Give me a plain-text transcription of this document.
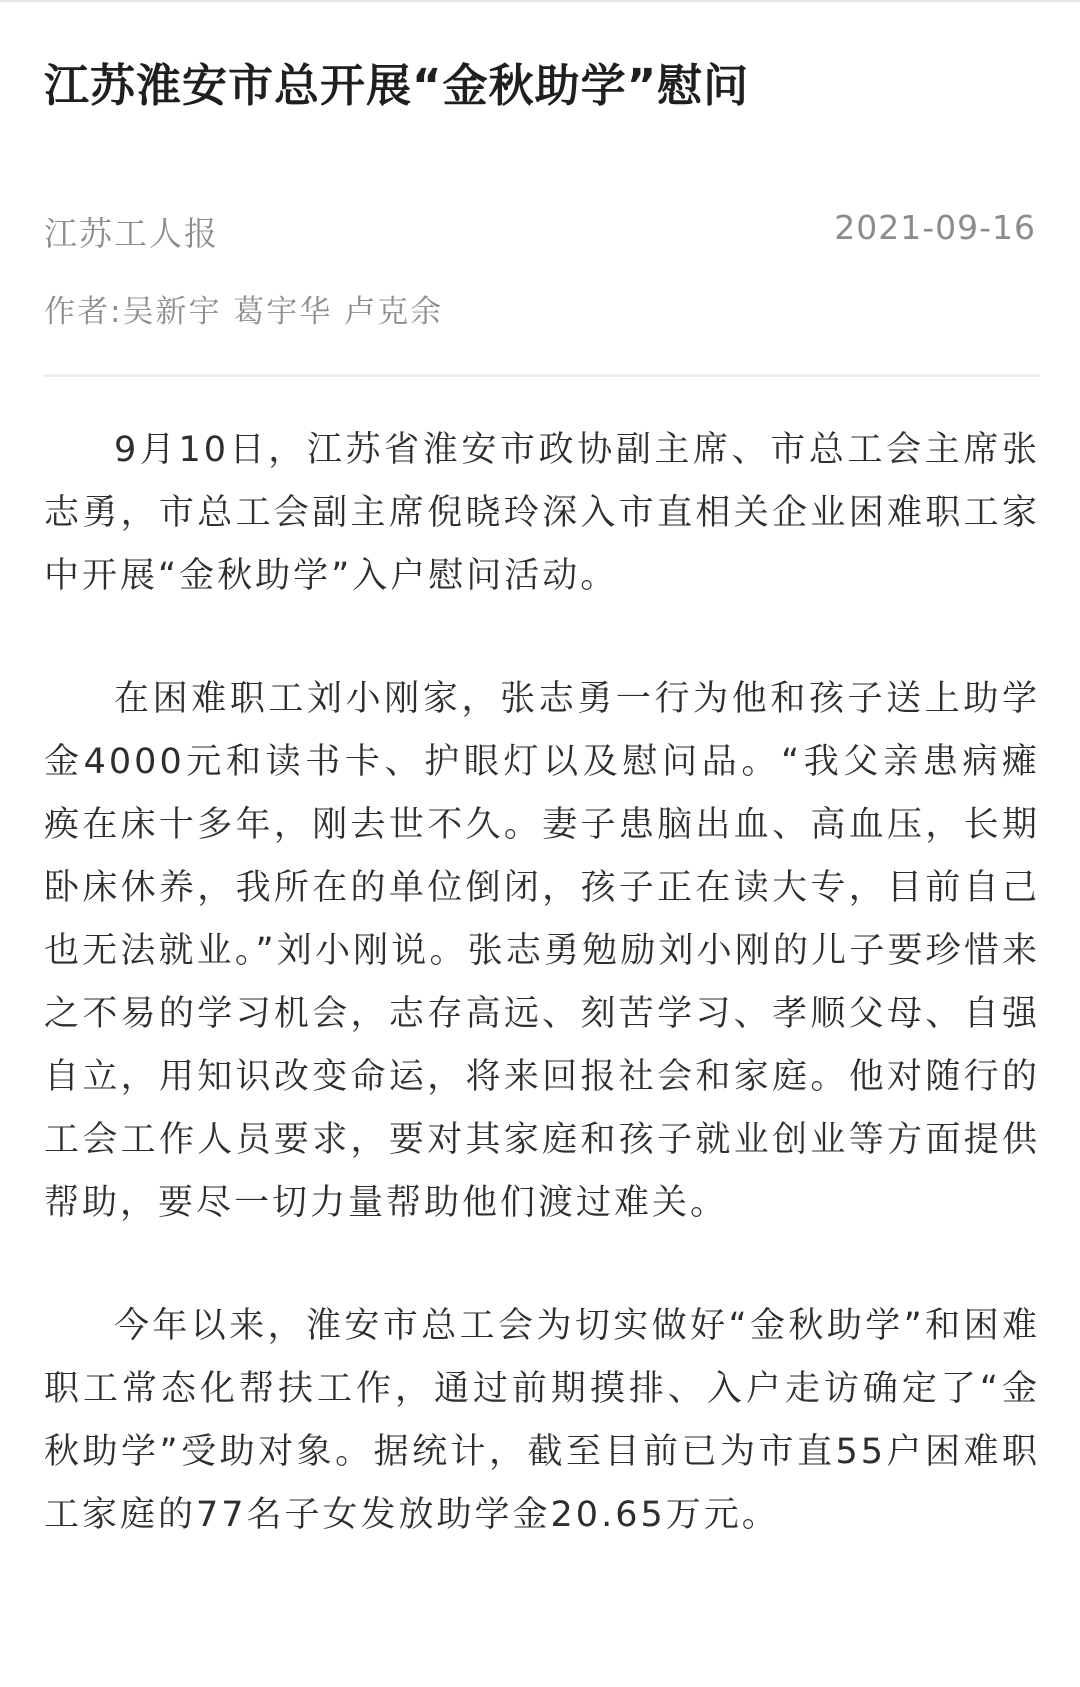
江苏淮安市总开展“金秋助学”慰问
江苏工人报	2021-09-16
作者:吴新宇 葛宇华 卢克余

9月10日，江苏省淮安市政协副主席、市总工会主席张志勇，市总工会副主席倪晓玲深入市直相关企业困难职工家中开展“金秋助学”入户慰问活动。

在困难职工刘小刚家，张志勇一行为他和孩子送上助学金4000元和读书卡、护眼灯以及慰问品。“我父亲患病瘫痪在床十多年，刚去世不久。妻子患脑出血、高血压，长期卧床休养，我所在的单位倒闭，孩子正在读大专，目前自己也无法就业。”刘小刚说。张志勇勉励刘小刚的儿子要珍惜来之不易的学习机会，志存高远、刻苦学习、孝顺父母、自强自立，用知识改变命运，将来回报社会和家庭。他对随行的工会工作人员要求，要对其家庭和孩子就业创业等方面提供帮助，要尽一切力量帮助他们渡过难关。

今年以来，淮安市总工会为切实做好“金秋助学”和困难职工常态化帮扶工作，通过前期摸排、入户走访确定了“金秋助学”受助对象。据统计，截至目前已为市直55户困难职工家庭的77名子女发放助学金20.65万元。
